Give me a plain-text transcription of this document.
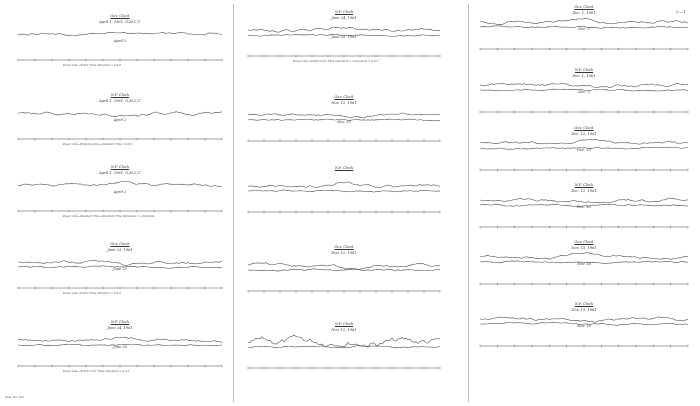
C—1
Mem. B.S. 1961
Gov. Clock
April 1, 1961. G.M.C.T.
April 2
Power Line—H.W.V. Time indication = G.S.T.
N.P. Clock
April 1, 1961. G.M.C.T.
April 2
Power Line—Reference line—Standard Time = G.S.T.
N.P. Clock
April 1, 1961. G.M.C.T.
April 2
Power Line—Standard Time—Standard Time indication = corrections
Gov. Clock
June 23, 1961
June 23
Power Line—H.W.V. Time indication = G.S.T.
N.P. Clock
June 24, 1961
June 25
Power Line—H.W.V. G.S.T. Time indication = G.S.T.
N.P. Clock
June 24, 1961
June 25, 1961
Power Line—H.W.V. G.S.T. Time indication = corrections = G.S.T.
Gov. Clock
Nov. 12, 1961
Nov. 13
N.P. Clock
Gov. Clock
Nov. 12, 1961
N.P. Clock
Nov. 12, 1961
Gov. Clock
Dec. 1, 1961
Dec. 2
N.P. Clock
Dec. 1, 1961
Dec. 2
Gov. Clock
Dec. 12, 1961
Dec. 13
N.P. Clock
Dec. 12, 1961
Dec. 13
Gov. Clock
Nov. 15, 1961
Nov. 16
N.P. Clock
Nov. 15, 1961
Nov. 16
